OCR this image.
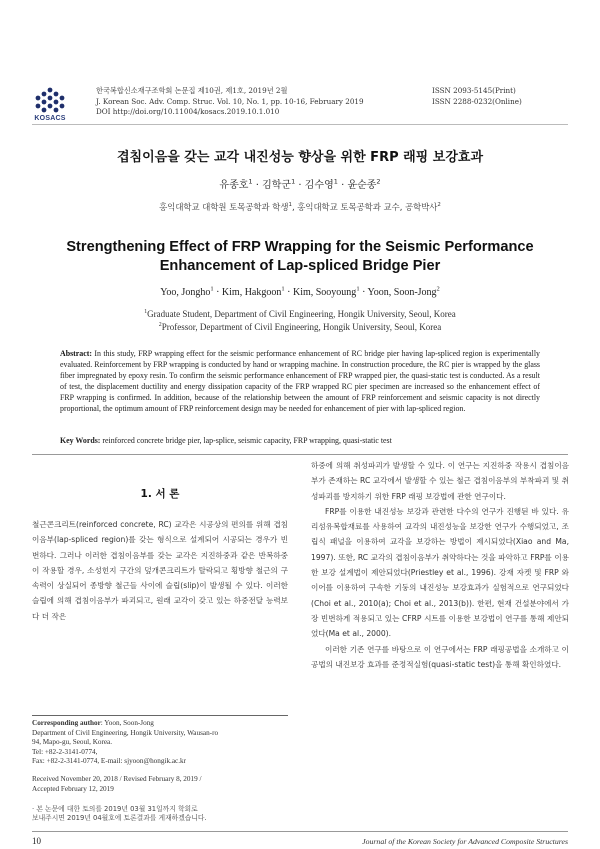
KOSACS
한국복합신소재구조학회 논문집 제10권, 제1호, 2019년 2월
J. Korean Soc. Adv. Comp. Struc. Vol. 10, No. 1, pp. 10-16, February 2019
DOI http://doi.org/10.11004/kosacs.2019.10.1.010
ISSN 2093-5145(Print)
ISSN 2288-0232(Online)
겹침이음을 갖는 교각 내진성능 향상을 위한 FRP 래핑 보강효과
유종호$^1$ · 김학군$^1$ · 김수영$^1$ · 윤순종$^2$
홍익대학교 대학원 토목공학과 학생$^1$, 홍익대학교 토목공학과 교수, 공학박사$^2$
Strengthening Effect of FRP Wrapping for the Seismic Performance
Enhancement of Lap-spliced Bridge Pier
Yoo, Jongho$^1$ · Kim, Hakgoon$^1$ · Kim, Sooyoung$^1$ · Yoon, Soon-Jong$^2$
$^1$Graduate Student, Department of Civil Engineering, Hongik University, Seoul, Korea
$^2$Professor, Department of Civil Engineering, Hongik University, Seoul, Korea
Abstract: In this study, FRP wrapping effect for the seismic performance enhancement of RC bridge pier having lap-spliced region is experimentally evaluated. Reinforcement by FRP wrapping is conducted by hand or wrapping machine. In construction procedure, the RC pier is wrapped by the glass fiber impregnated by epoxy resin. To confirm the seismic performance enhancement of FRP wrapped pier, the quasi-static test is conducted. As a result of test, the displacement ductility and energy dissipation capacity of the FRP wrapped RC pier specimen are increased so the enhancement effect of FRP wrapping is confirmed. In addition, because of the relationship between the amount of FRP reinforcement and seismic capacity is not directly proportional, the optimum amount of FRP reinforcement design may be needed for enhancement of pier with lap-spliced region.
Key Words: reinforced concrete bridge pier, lap-splice, seismic capacity, FRP wrapping, quasi-static test
1. 서 론

철근콘크리트(reinforced concrete, RC) 교각은 시공상의 편의를 위해 겹침이음부(lap-spliced region)를 갖는 형식으로 설계되어 시공되는 경우가 빈번하다. 그러나 이러한 겹침이음부를 갖는 교각은 지진하중과 같은 반복하중이 작용할 경우, 소성힌지 구간의 덮개콘크리트가 탈락되고 횡방향 철근의 구속력이 상실되어 종방향 철근들 사이에 슬립(slip)이 발생될 수 있다. 이러한 슬립에 의해 겹침이음부가 파괴되고, 원래 교각이 갖고 있는 하중전달 능력보다 더 작은

Corresponding author: Yoon, Soon-Jong

Department of Civil Engineering, Hongik University, Wausan-ro

94, Mapo-gu, Seoul, Korea.

Tel: +82-2-3141-0774,

Fax: +82-2-3141-0774, E-mail: sjyoon@hongik.ac.kr

Received November 20, 2018 / Revised February 8, 2019 /

Accepted February 12, 2019

· 본 논문에 대한 토의를 2019년 03월 31일까지 학회로

보내주시면 2019년 04월호에 토론결과를 게재하겠습니다.

하중에 의해 취성파괴가 발생할 수 있다. 이 연구는 지진하중 작용시 겹침이음부가 존재하는 RC 교각에서 발생할 수 있는 철근 겹침이음부의 부착파괴 및 취성파괴를 방지하기 위한 FRP 래핑 보강법에 관한 연구이다.

FRP를 이용한 내진성능 보강과 관련한 다수의 연구가 진행된 바 있다. 유리섬유복합재료를 사용하여 교각의 내진성능을 보강한 연구가 수행되었고, 조립식 패널을 이용하여 교각을 보강하는 방법이 제시되었다(Xiao and Ma, 1997). 또한, RC 교각의 겹침이음부가 취약하다는 것을 파악하고 FRP를 이용한 보강 설계법이 제안되었다(Priestley et al., 1996). 강재 자켓 및 FRP 와이어를 이용하여 구속한 기둥의 내진성능 보강효과가 실험적으로 연구되었다(Choi et al., 2010(a); Choi et al., 2013(b)). 한편, 현재 건설분야에서 가장 빈번하게 적용되고 있는 CFRP 시트를 이용한 보강법이 연구를 통해 제안되었다(Ma et al., 2000).

이러한 기존 연구를 바탕으로 이 연구에서는 FRP 래핑공법을 소개하고 이 공법의 내진보강 효과를 준정적실험(quasi-static test)을 통해 확인하였다.

10	Journal of the Korean Society for Advanced Composite Structures
